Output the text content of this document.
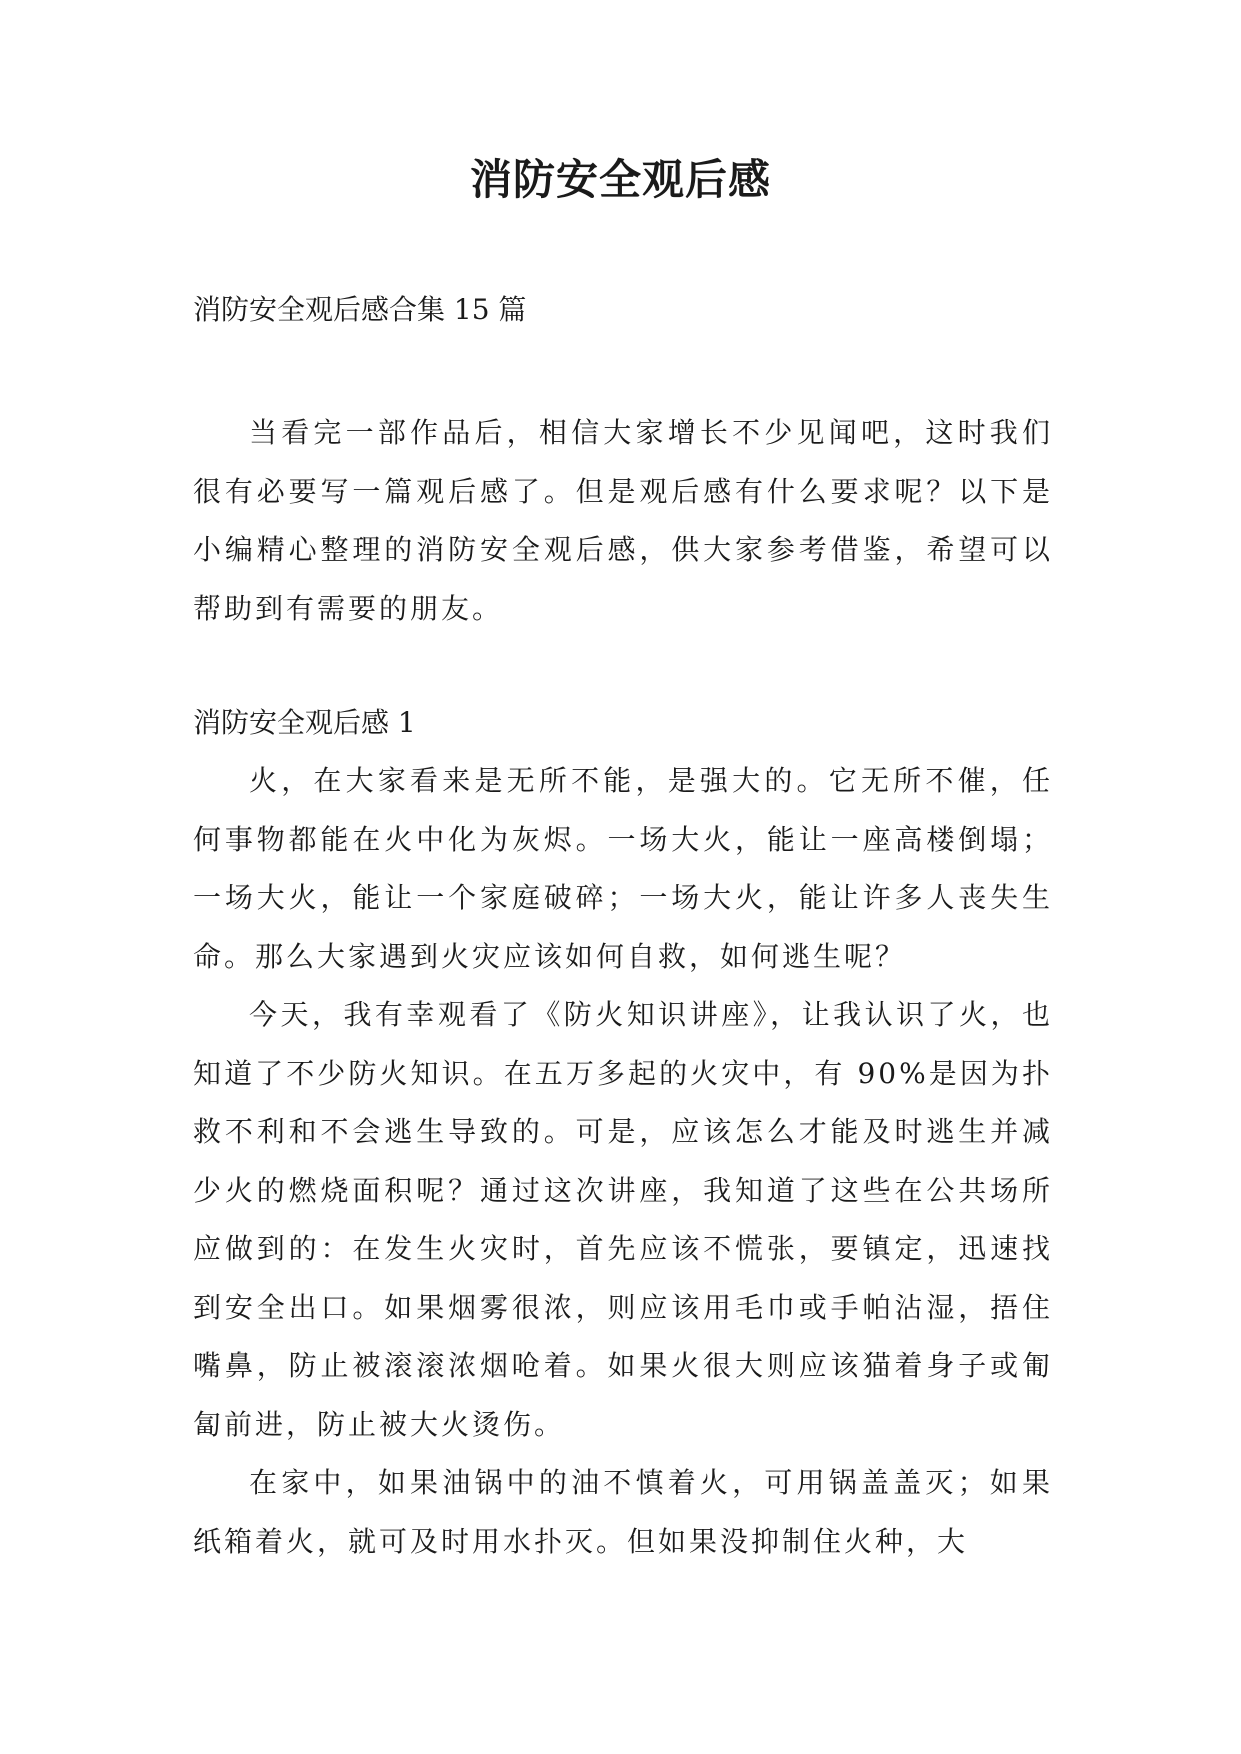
消防安全观后感
消防安全观后感合集 15 篇
当看完一部作品后，相信大家增长不少见闻吧，这时我们很有必要写一篇观后感了。但是观后感有什么要求呢？以下是小编精心整理的消防安全观后感，供大家参考借鉴，希望可以帮助到有需要的朋友。
消防安全观后感 1
火，在大家看来是无所不能，是强大的。它无所不催，任何事物都能在火中化为灰烬。一场大火，能让一座高楼倒塌；一场大火，能让一个家庭破碎；一场大火，能让许多人丧失生命。那么大家遇到火灾应该如何自救，如何逃生呢？
今天，我有幸观看了《防火知识讲座》，让我认识了火，也知道了不少防火知识。在五万多起的火灾中，有 90%是因为扑救不利和不会逃生导致的。可是，应该怎么才能及时逃生并减少火的燃烧面积呢？通过这次讲座，我知道了这些在公共场所应做到的：在发生火灾时，首先应该不慌张，要镇定，迅速找到安全出口。如果烟雾很浓，则应该用毛巾或手帕沾湿，捂住嘴鼻，防止被滚滚浓烟呛着。如果火很大则应该猫着身子或匍匐前进，防止被大火烫伤。
在家中，如果油锅中的油不慎着火，可用锅盖盖灭；如果纸箱着火，就可及时用水扑灭。但如果没抑制住火种，大
